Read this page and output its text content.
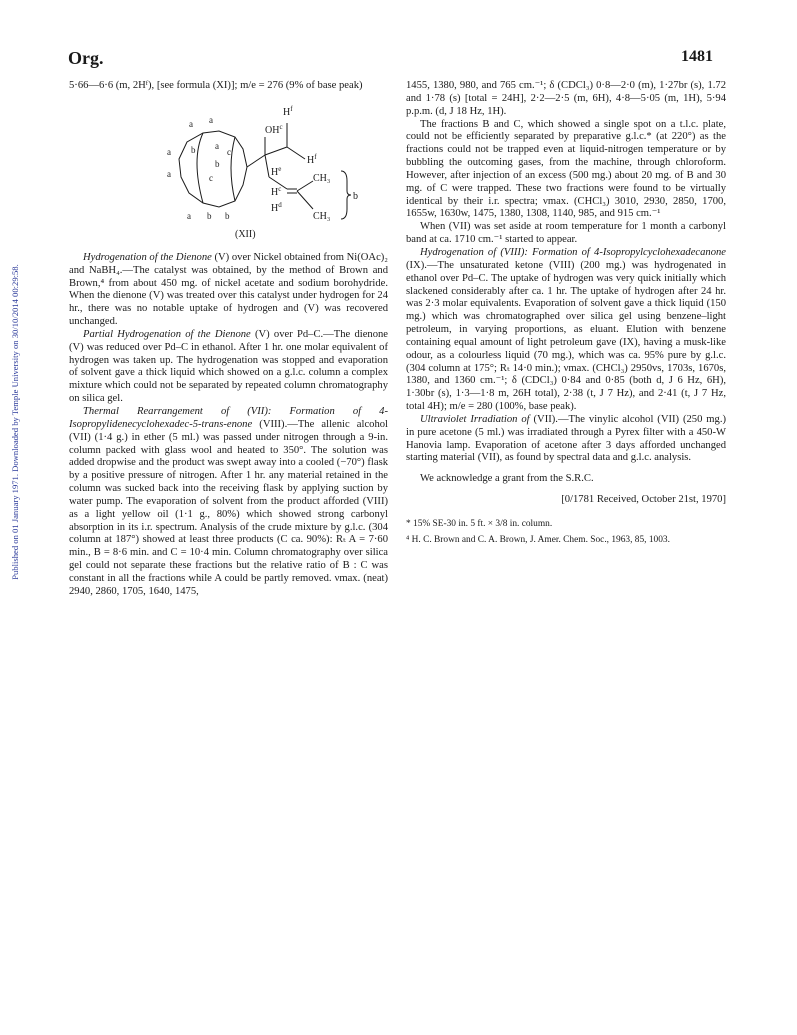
Published on 01 January 1971. Downloaded by Temple University on 30/10/2014 00:29:58.
Org.	1481

5·66—6·6 (m, 2Hᶠ), [see formula (XI)]; m/e = 276 (9% of base peak)

$OH^c$
$H^f$
$H^f$
$H^e$
$H^c$
$H^d$
CH₃
CH₃
b
a a
b
a
a
a
b
c
a b b
c
(XII)

Hydrogenation of the Dienone (V) over Nickel obtained from Ni(OAc)₂ and NaBH₄.—The catalyst was obtained, by the method of Brown and Brown,⁴ from about 450 mg. of nickel acetate and sodium borohydride. When the dienone (V) was treated over this catalyst under hydrogen for 24 hr., there was no notable uptake of hydrogen and (V) was recovered unchanged.

Partial Hydrogenation of the Dienone (V) over Pd–C.—The dienone (V) was reduced over Pd–C in ethanol. After 1 hr. one molar equivalent of hydrogen was taken up. The hydrogenation was stopped and evaporation of solvent gave a thick liquid which showed on a g.l.c. column a complex mixture which could not be separated by repeated column chromatography on silica gel.

Thermal Rearrangement of (VII): Formation of 4-Isopropylidenecyclohexadec-5-trans-enone (VIII).—The allenic alcohol (VII) (1·4 g.) in ether (5 ml.) was passed under nitrogen through a 9-in. column packed with glass wool and heated to 350°. The solution was added dropwise and the product was swept away into a cooled (−70°) flask by a positive pressure of nitrogen. After 1 hr. any material retained in the column was sucked back into the receiving flask by applying suction by water pump. The evaporation of solvent from the product afforded (VIII) as a light yellow oil (1·1 g., 80%) which showed strong carbonyl absorption in its i.r. spectrum. Analysis of the crude mixture by g.l.c. (304 column at 187°) showed at least three products (C ca. 90%): Rₜ A = 7·60 min., B = 8·6 min. and C = 10·4 min. Column chromatography over silica gel could not separate these fractions but the relative ratio of B : C was constant in all the fractions while A could be partly removed. νmax. (neat) 2940, 2860, 1705, 1640, 1475,

1455, 1380, 980, and 765 cm.⁻¹; δ (CDCl₃) 0·8—2·0 (m), 1·27br (s), 1.72 and 1·78 (s) [total = 24H], 2·2—2·5 (m, 6H), 4·8—5·05 (m, 1H), 5·94 p.p.m. (d, J 18 Hz, 1H).

The fractions B and C, which showed a single spot on a t.l.c. plate, could not be efficiently separated by preparative g.l.c.* (at 220°) as the fractions could not be trapped even at liquid-nitrogen temperature or by bubbling the outcoming gases, from the machine, through chloroform. However, after injection of an excess (500 mg.) about 20 mg. of B and 30 mg. of C were trapped. These two fractions were found to be virtually identical by their i.r. spectra; νmax. (CHCl₃) 3010, 2930, 2850, 1700, 1655w, 1630w, 1475, 1380, 1308, 1140, 985, and 915 cm.⁻¹

When (VII) was set aside at room temperature for 1 month a carbonyl band at ca. 1710 cm.⁻¹ started to appear.

Hydrogenation of (VIII): Formation of 4-Isopropylcyclohexadecanone (IX).—The unsaturated ketone (VIII) (200 mg.) was hydrogenated in ethanol over Pd–C. The uptake of hydrogen was very quick initially which slackened considerably after ca. 1 hr. The uptake of hydrogen after 24 hr. was 2·3 molar equivalents. Evaporation of solvent gave a thick liquid (150 mg.) which was chromatographed over silica gel using benzene–light petroleum, in varying proportions, as eluant. Elution with benzene containing equal amount of light petroleum gave (IX), having a musk-like odour, as a colourless liquid (70 mg.), which was ca. 95% pure by g.l.c. (304 column at 175°; Rₜ 14·0 min.); νmax. (CHCl₃) 2950vs, 1703s, 1670s, 1380, and 1360 cm.⁻¹; δ (CDCl₃) 0·84 and 0·85 (both d, J 6 Hz, 6H), 1·30br (s), 1·3—1·8 m, 26H total), 2·38 (t, J 7 Hz), and 2·41 (t, J 7 Hz, total 4H); m/e = 280 (100%, base peak).

Ultraviolet Irradiation of (VII).—The vinylic alcohol (VII) (250 mg.) in pure acetone (5 ml.) was irradiated through a Pyrex filter with a 450-W Hanovia lamp. Evaporation of acetone after 3 days afforded unchanged starting material (VII), as found by spectral data and g.l.c. analysis.

We acknowledge a grant from the S.R.C.

[0/1781 Received, October 21st, 1970]

* 15% SE-30 in. 5 ft. × 3/8 in. column.

⁴ H. C. Brown and C. A. Brown, J. Amer. Chem. Soc., 1963, 85, 1003.
